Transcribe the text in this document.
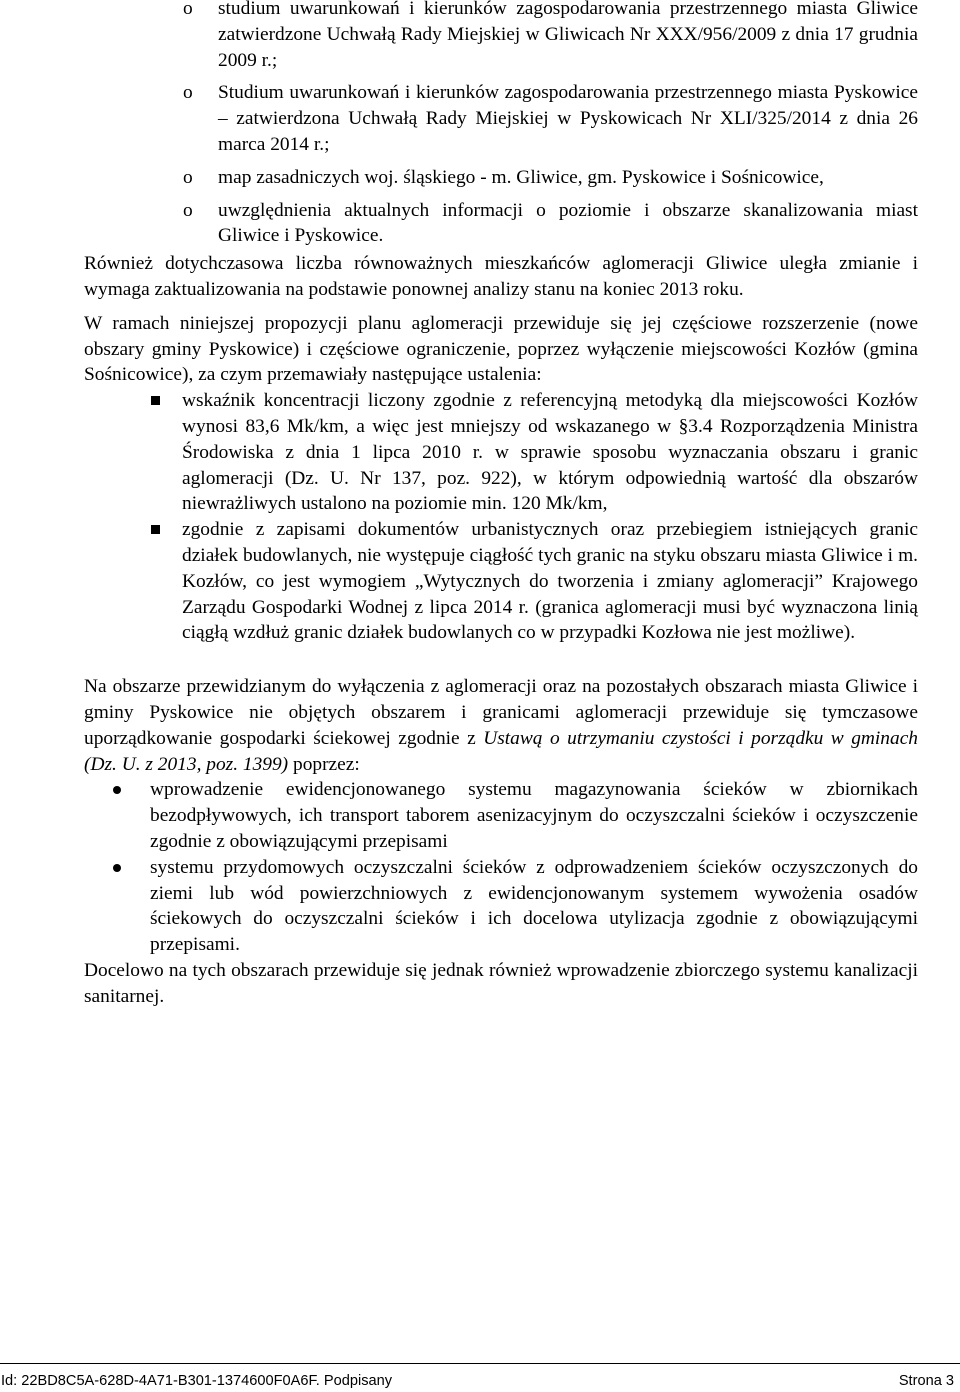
o studium uwarunkowań i kierunków zagospodarowania przestrzennego miasta Gliwice zatwierdzone Uchwałą Rady Miejskiej w Gliwicach Nr XXX/956/2009 z dnia 17 grudnia 2009 r.;
o Studium uwarunkowań i kierunków zagospodarowania przestrzennego miasta Pyskowice – zatwierdzona Uchwałą Rady Miejskiej w Pyskowicach Nr XLI/325/2014 z dnia 26 marca 2014 r.;
o map zasadniczych woj. śląskiego - m. Gliwice, gm. Pyskowice i Sośnicowice,
o uwzględnienia aktualnych informacji o poziomie i obszarze skanalizowania miast Gliwice i Pyskowice.

Również dotychczasowa liczba równoważnych mieszkańców aglomeracji Gliwice uległa zmianie i wymaga zaktualizowania na podstawie ponownej analizy stanu na koniec 2013 roku.

W ramach niniejszej propozycji planu aglomeracji przewiduje się jej częściowe rozszerzenie (nowe obszary gminy Pyskowice) i częściowe ograniczenie, poprzez wyłączenie miejscowości Kozłów (gmina Sośnicowice), za czym przemawiały następujące ustalenia:

wskaźnik koncentracji liczony zgodnie z referencyjną metodyką dla miejscowości Kozłów wynosi 83,6 Mk/km, a więc jest mniejszy od wskazanego w §3.4 Rozporządzenia Ministra Środowiska z dnia 1 lipca 2010 r. w sprawie sposobu wyznaczania obszaru i granic aglomeracji (Dz. U. Nr 137, poz. 922), w którym odpowiednią wartość dla obszarów niewrażliwych ustalono na poziomie min. 120 Mk/km,
zgodnie z zapisami dokumentów urbanistycznych oraz przebiegiem istniejących granic działek budowlanych, nie występuje ciągłość tych granic na styku obszaru miasta Gliwice i m. Kozłów, co jest wymogiem „Wytycznych do tworzenia i zmiany aglomeracji” Krajowego Zarządu Gospodarki Wodnej z lipca 2014 r. (granica aglomeracji musi być wyznaczona linią ciągłą wzdłuż granic działek budowlanych co w przypadki Kozłowa nie jest możliwe).

Na obszarze przewidzianym do wyłączenia z aglomeracji oraz na pozostałych obszarach miasta Gliwice i gminy Pyskowice nie objętych obszarem i granicami aglomeracji przewiduje się tymczasowe uporządkowanie gospodarki ściekowej zgodnie z Ustawą o utrzymaniu czystości i porządku w gminach (Dz. U. z 2013, poz. 1399) poprzez:

wprowadzenie ewidencjonowanego systemu magazynowania ścieków w zbiornikach bezodpływowych, ich transport taborem asenizacyjnym do oczyszczalni ścieków i oczyszczenie zgodnie z obowiązującymi przepisami
systemu przydomowych oczyszczalni ścieków z odprowadzeniem ścieków oczyszczonych do ziemi lub wód powierzchniowych z ewidencjonowanym systemem wywożenia osadów ściekowych do oczyszczalni ścieków i ich docelowa utylizacja zgodnie z obowiązującymi przepisami.

Docelowo na tych obszarach przewiduje się jednak również wprowadzenie zbiorczego systemu kanalizacji sanitarnej.

Id: 22BD8C5A-628D-4A71-B301-1374600F0A6F. Podpisany	Strona 3
